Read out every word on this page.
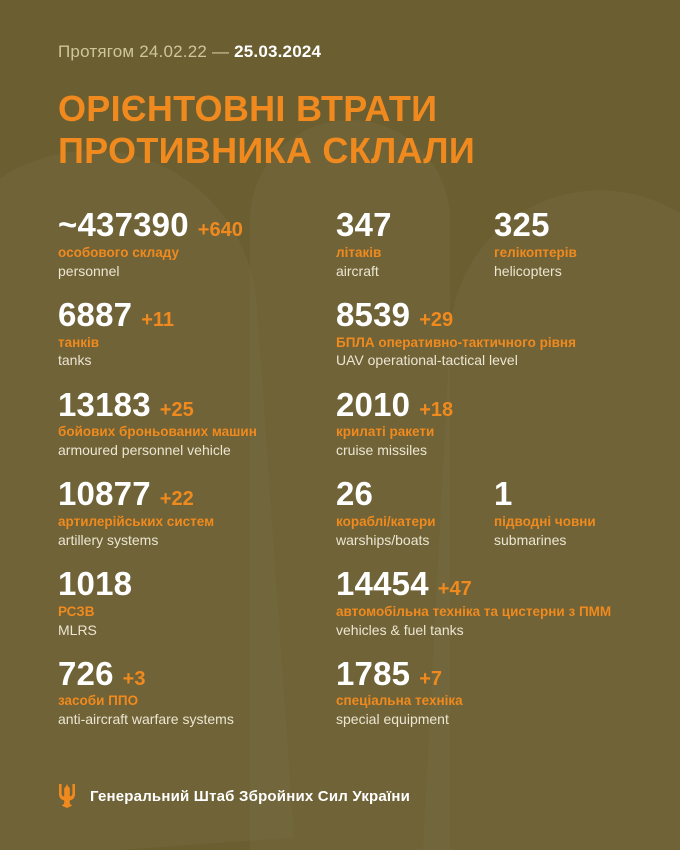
Протягом 24.02.22 — 25.03.2024
ОРІЄНТОВНІ ВТРАТИ
ПРОТИВНИКА СКЛАЛИ
~437390 +640
особового складу
personnel
347
літаків
aircraft
325
гелікоптерів
helicopters
6887 +11
танків
tanks
8539 +29
БПЛА оперативно-тактичного рівня
UAV operational-tactical level
13183 +25
бойових броньованих машин
armoured personnel vehicle
2010 +18
крилаті ракети
cruise missiles
10877 +22
артилерійських систем
artillery systems
26
кораблі/катери
warships/boats
1
підводні човни
submarines
1018
РСЗВ
MLRS
14454 +47
автомобільна техніка та цистерни з ПММ
vehicles & fuel tanks
726 +3
засоби ППО
anti-aircraft warfare systems
1785 +7
спеціальна техніка
special equipment
Генеральний Штаб Збройних Сил України
